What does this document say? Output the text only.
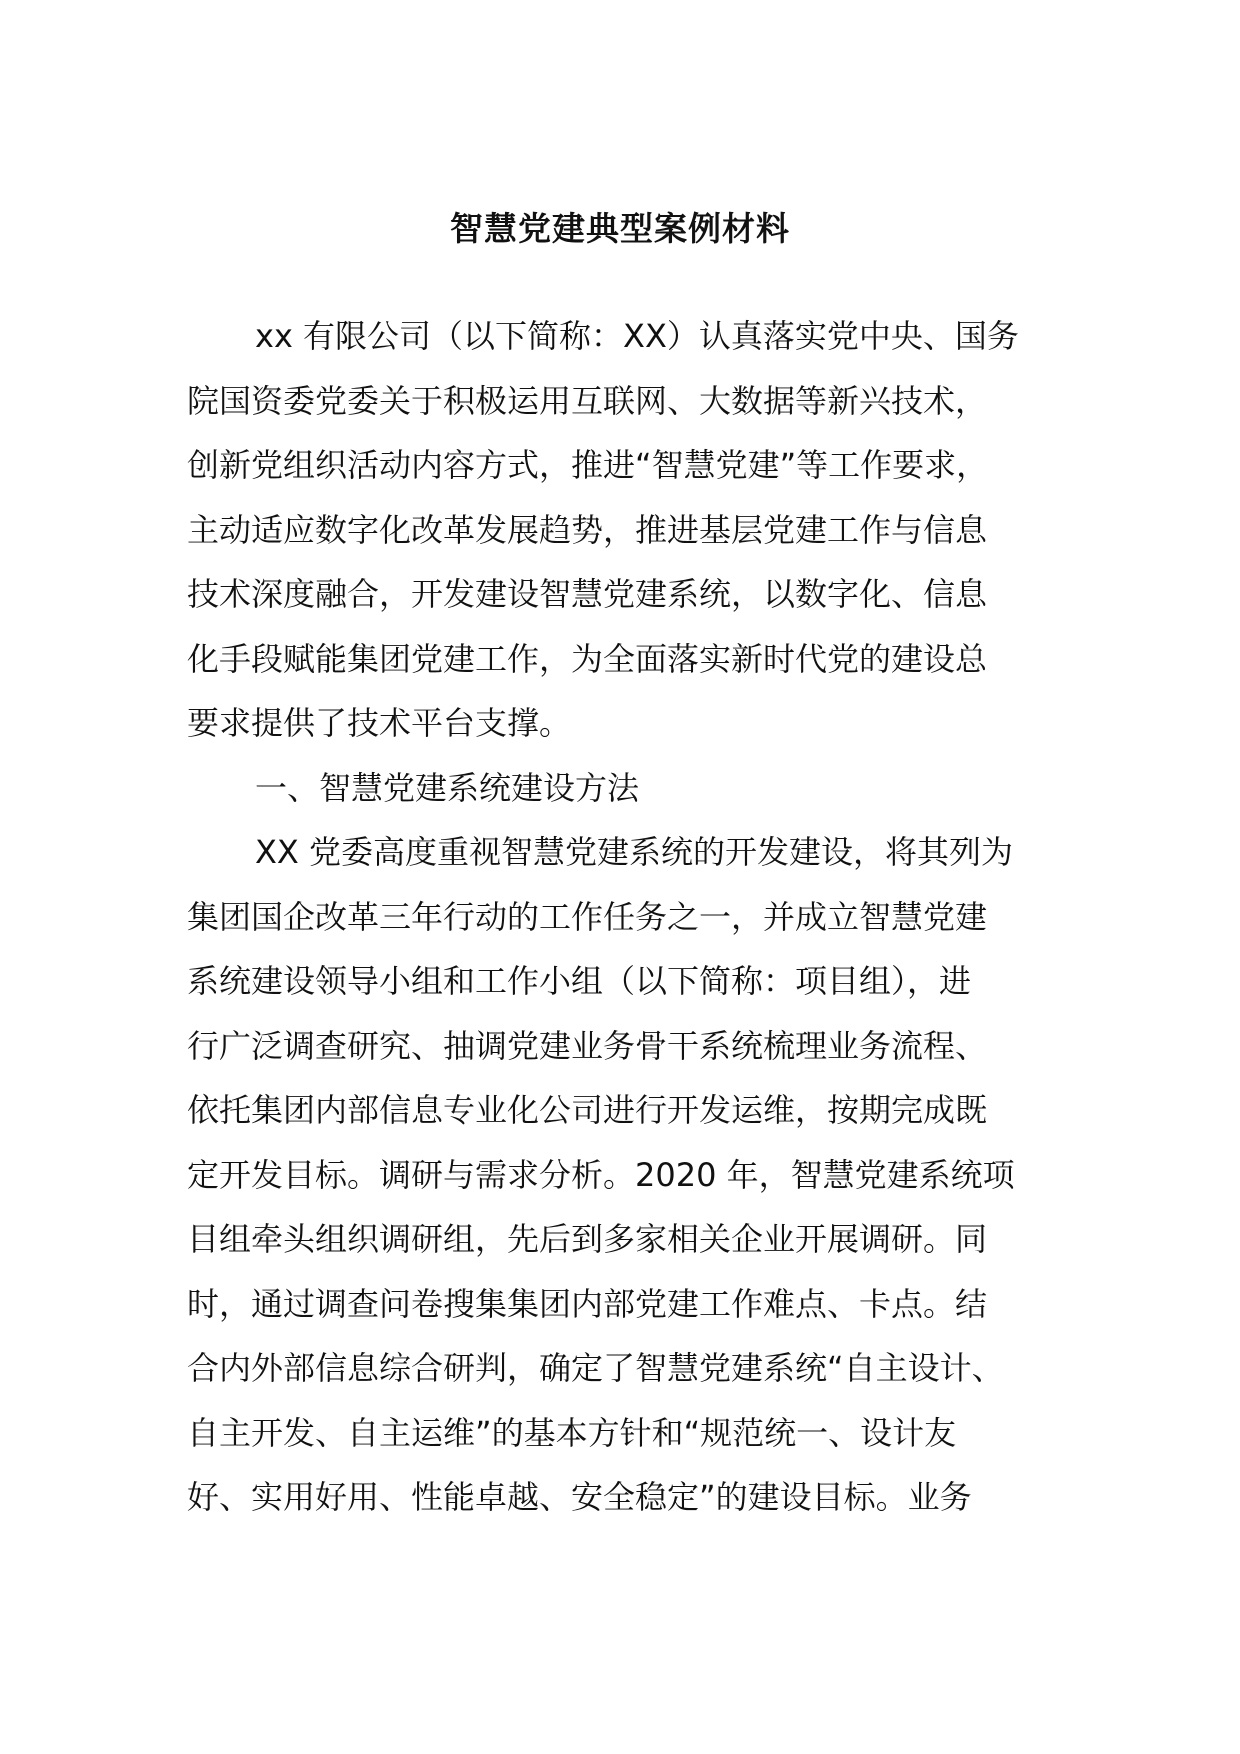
智慧党建典型案例材料
xx 有限公司（以下简称：XX）认真落实党中央、国务
院国资委党委关于积极运用互联网、大数据等新兴技术，
创新党组织活动内容方式，推进“智慧党建”等工作要求，
主动适应数字化改革发展趋势，推进基层党建工作与信息
技术深度融合，开发建设智慧党建系统，以数字化、信息
化手段赋能集团党建工作，为全面落实新时代党的建设总
要求提供了技术平台支撑。
一、智慧党建系统建设方法
XX 党委高度重视智慧党建系统的开发建设，将其列为
集团国企改革三年行动的工作任务之一，并成立智慧党建
系统建设领导小组和工作小组（以下简称：项目组），进
行广泛调查研究、抽调党建业务骨干系统梳理业务流程、
依托集团内部信息专业化公司进行开发运维，按期完成既
定开发目标。调研与需求分析。2020 年，智慧党建系统项
目组牵头组织调研组，先后到多家相关企业开展调研。同
时，通过调查问卷搜集集团内部党建工作难点、卡点。结
合内外部信息综合研判，确定了智慧党建系统“自主设计、
自主开发、自主运维”的基本方针和“规范统一、设计友
好、实用好用、性能卓越、安全稳定”的建设目标。业务
